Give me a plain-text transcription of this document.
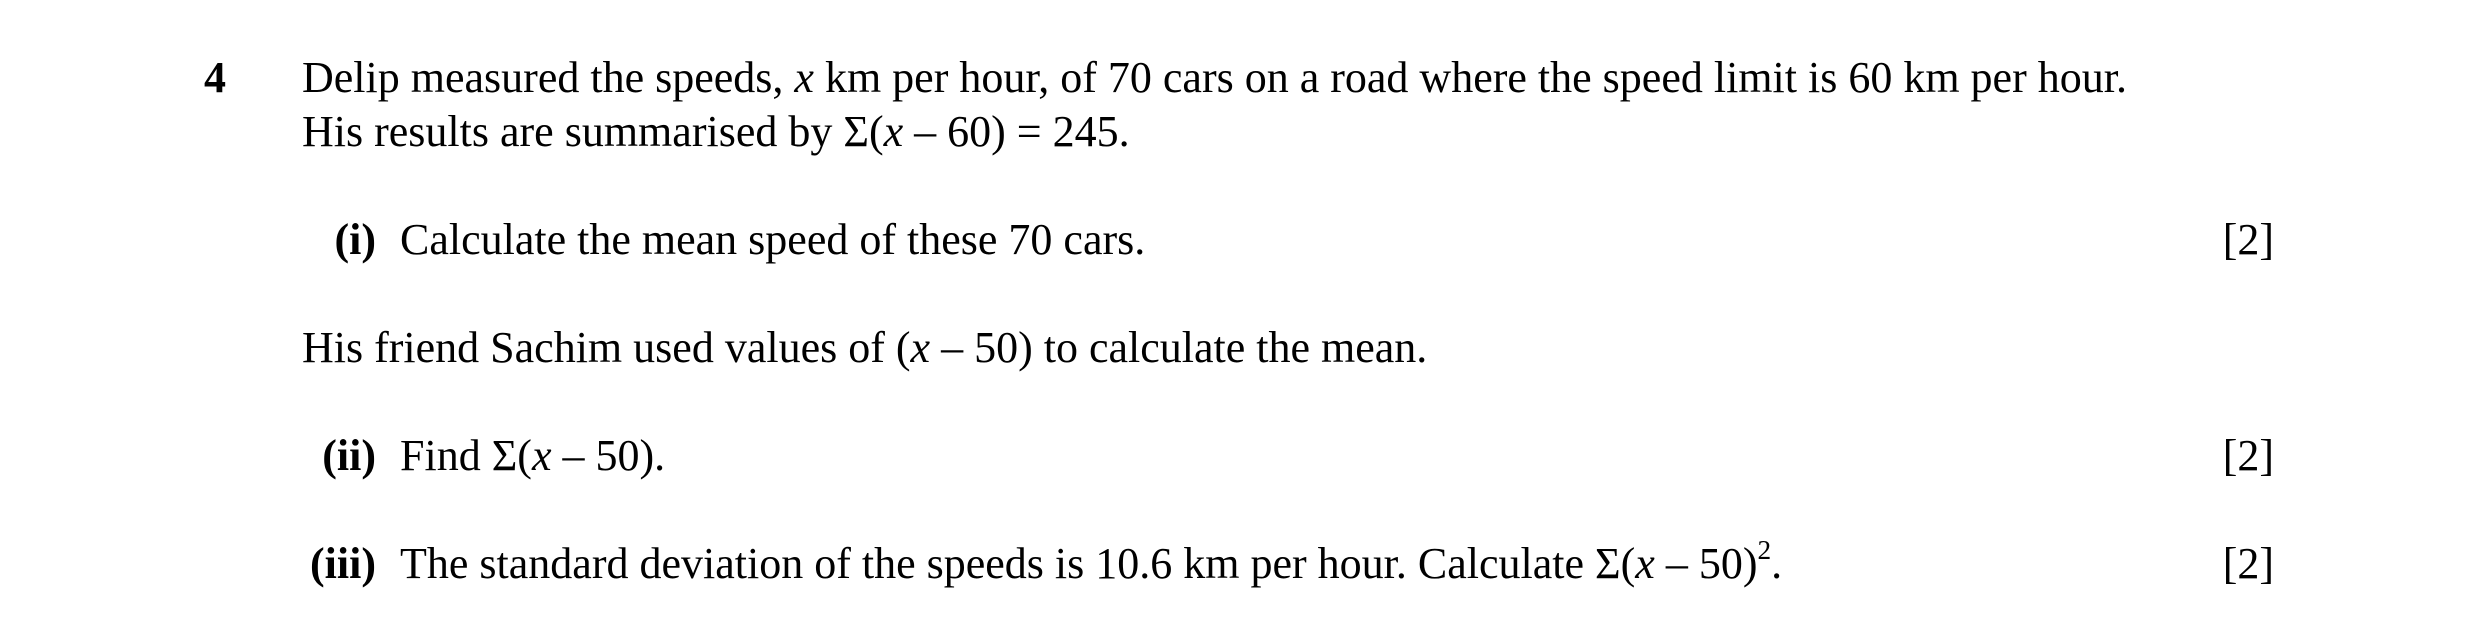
4 Delip measured the speeds, x km per hour, of 70 cars on a road where the speed limit is 60 km per hour.
His results are summarised by Σ(x – 60) = 245.
(i) Calculate the mean speed of these 70 cars.	[2]
His friend Sachim used values of (x – 50) to calculate the mean.
(ii) Find Σ(x – 50).	[2]
(iii) The standard deviation of the speeds is 10.6 km per hour. Calculate Σ(x – 50)$^2$.	[2]
